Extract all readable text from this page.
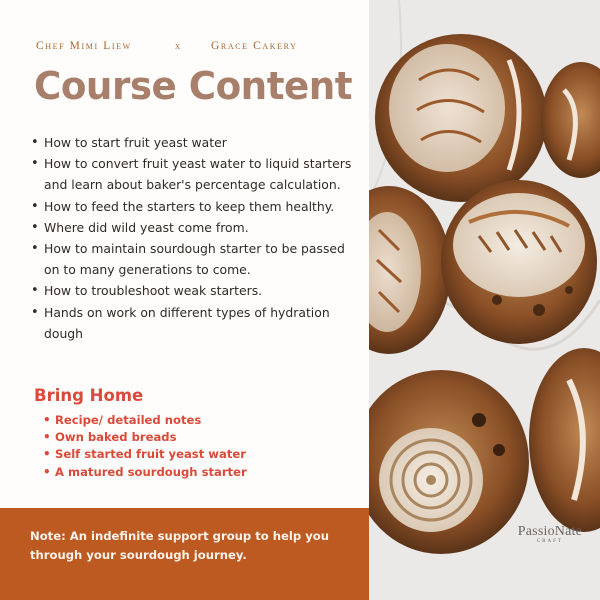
Chef Mimi Liew	x	Grace Cakery
Course Content
• How to start fruit yeast water
• How to convert fruit yeast water to liquid starters and learn about baker's percentage calculation.
• How to feed the starters to keep them healthy.
• Where did wild yeast come from.
• How to maintain sourdough starter to be passed on to many generations to come.
• How to troubleshoot weak starters.
• Hands on work on different types of hydration dough
Bring Home
• Recipe/ detailed notes
• Own baked breads
• Self started fruit yeast water
• A matured sourdough starter
Note: An indefinite support group to help you through your sourdough journey.
PassioNate
CRAFT
